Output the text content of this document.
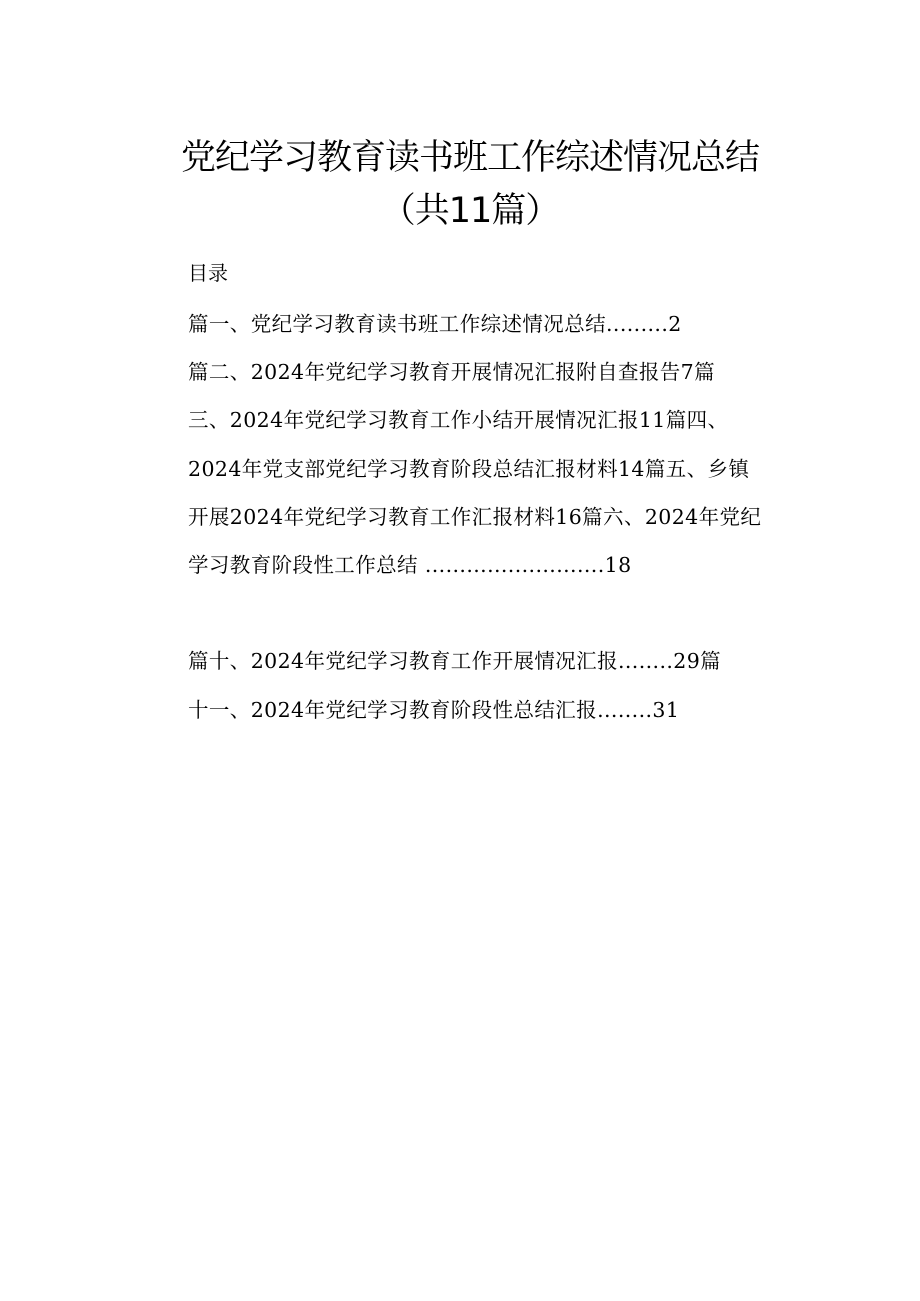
党纪学习教育读书班工作综述情况总结（共11篇）
目录
篇一、党纪学习教育读书班工作综述情况总结.........2
篇二、2024年党纪学习教育开展情况汇报附自查报告7篇
三、2024年党纪学习教育工作小结开展情况汇报11篇四、
2024年党支部党纪学习教育阶段总结汇报材料14篇五、乡镇
开展2024年党纪学习教育工作汇报材料16篇六、2024年党纪
学习教育阶段性工作总结 ..........................18
篇十、2024年党纪学习教育工作开展情况汇报........29篇
十一、2024年党纪学习教育阶段性总结汇报........31
